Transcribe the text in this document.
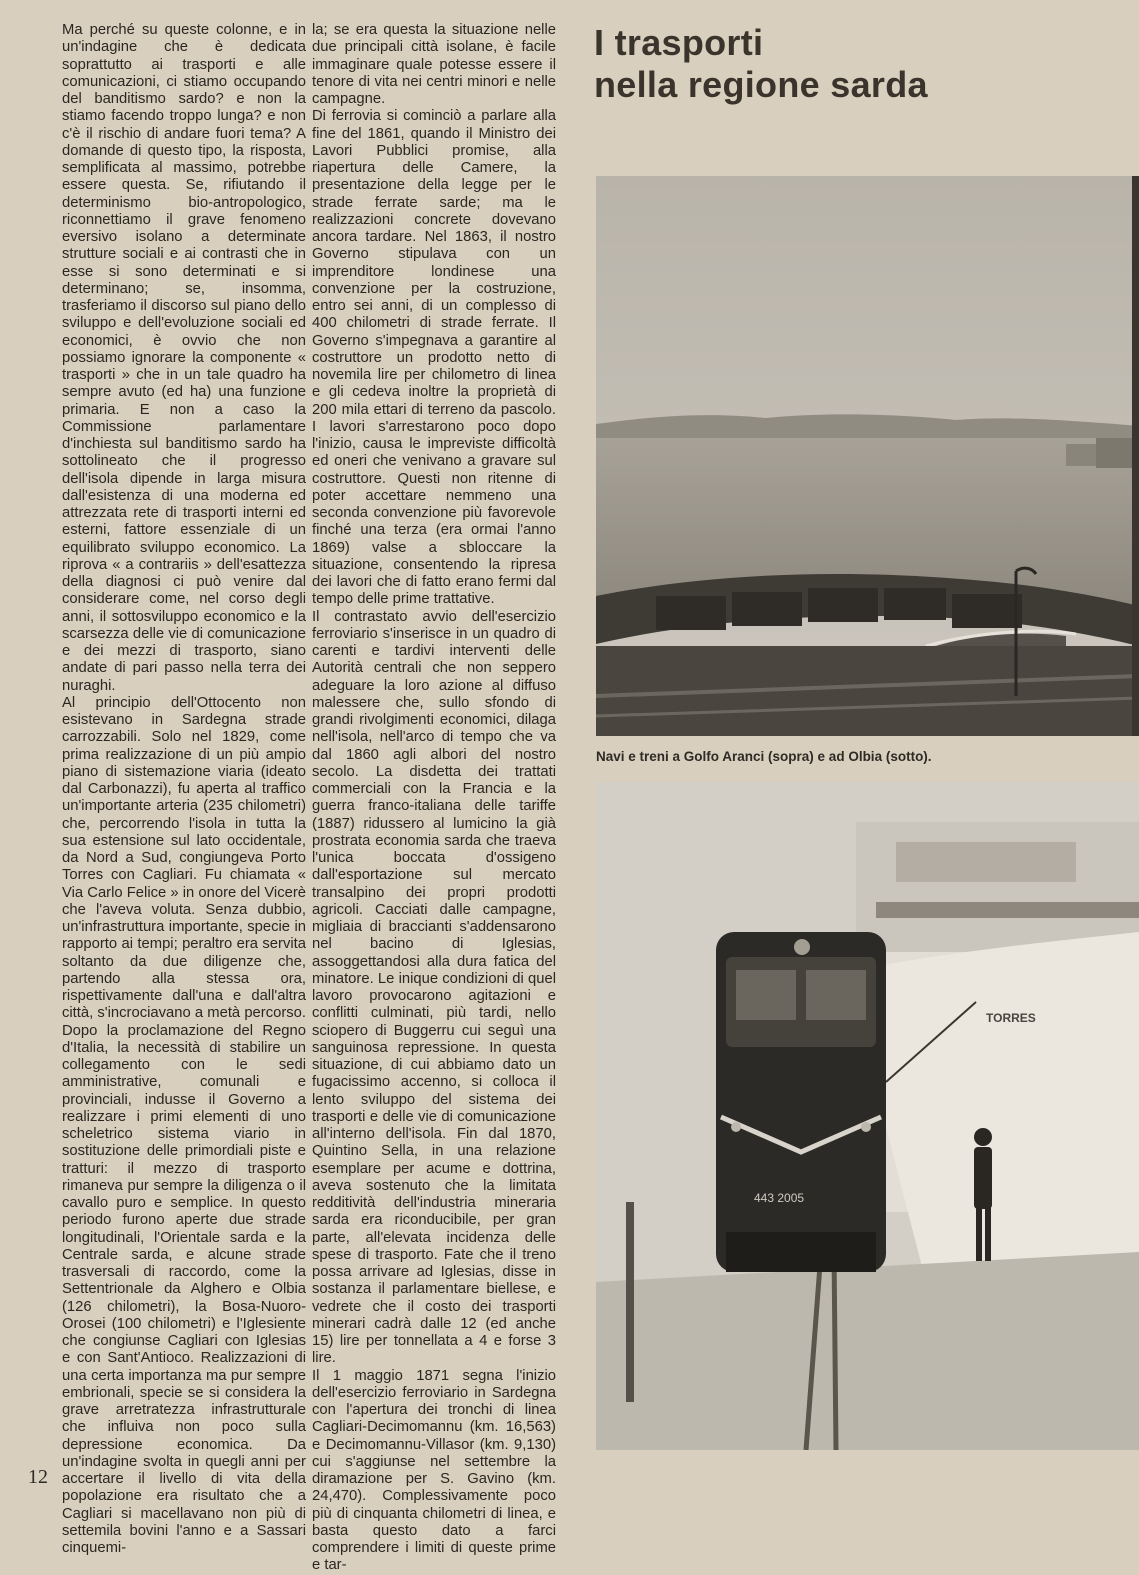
Ma perché su queste colonne, e in un'indagine che è dedicata soprattutto ai trasporti e alle comunicazioni, ci stiamo occupando del banditismo sardo? e non la stiamo facendo troppo lunga? e non c'è il rischio di andare fuori tema? A domande di questo tipo, la risposta, semplificata al massimo, potrebbe essere questa. Se, rifiutando il determinismo bio-antropologico, riconnettiamo il grave fenomeno eversivo isolano a determinate strutture sociali e ai contrasti che in esse si sono determinati e si determinano; se, insomma, trasferiamo il discorso sul piano dello sviluppo e dell'evoluzione sociali ed economici, è ovvio che non possiamo ignorare la componente « trasporti » che in un tale quadro ha sempre avuto (ed ha) una funzione primaria. E non a caso la Commissione parlamentare d'inchiesta sul banditismo sardo ha sottolineato che il progresso dell'isola dipende in larga misura dall'esistenza di una moderna ed attrezzata rete di trasporti interni ed esterni, fattore essenziale di un equilibrato sviluppo economico. La riprova « a contrariis » dell'esattezza della diagnosi ci può venire dal considerare come, nel corso degli anni, il sottosviluppo economico e la scarsezza delle vie di comunicazione e dei mezzi di trasporto, siano andate di pari passo nella terra dei nuraghi.

Al principio dell'Ottocento non esistevano in Sardegna strade carrozzabili. Solo nel 1829, come prima realizzazione di un più ampio piano di sistemazione viaria (ideato dal Carbonazzi), fu aperta al traffico un'importante arteria (235 chilometri) che, percorrendo l'isola in tutta la sua estensione sul lato occidentale, da Nord a Sud, congiungeva Porto Torres con Cagliari. Fu chiamata « Via Carlo Felice » in onore del Vicerè che l'aveva voluta. Senza dubbio, un'infrastruttura importante, specie in rapporto ai tempi; peraltro era servita soltanto da due diligenze che, partendo alla stessa ora, rispettivamente dall'una e dall'altra città, s'incrociavano a metà percorso. Dopo la proclamazione del Regno d'Italia, la necessità di stabilire un collegamento con le sedi amministrative, comunali e provinciali, indusse il Governo a realizzare i primi elementi di uno scheletrico sistema viario in sostituzione delle primordiali piste e tratturi: il mezzo di trasporto rimaneva pur sempre la diligenza o il cavallo puro e semplice. In questo periodo furono aperte due strade longitudinali, l'Orientale sarda e la Centrale sarda, e alcune strade trasversali di raccordo, come la Settentrionale da Alghero e Olbia (126 chilometri), la Bosa-Nuoro-Orosei (100 chilometri) e l'Iglesiente che congiunse Cagliari con Iglesias e con Sant'Antioco. Realizzazioni di una certa importanza ma pur sempre embrionali, specie se si considera la grave arretratezza infrastrutturale che influiva non poco sulla depressione economica. Da un'indagine svolta in quegli anni per accertare il livello di vita della popolazione era risultato che a Cagliari si macellavano non più di settemila bovini l'anno e a Sassari cinquemi-

la; se era questa la situazione nelle due principali città isolane, è facile immaginare quale potesse essere il tenore di vita nei centri minori e nelle campagne.

Di ferrovia si cominciò a parlare alla fine del 1861, quando il Ministro dei Lavori Pubblici promise, alla riapertura delle Camere, la presentazione della legge per le strade ferrate sarde; ma le realizzazioni concrete dovevano ancora tardare. Nel 1863, il nostro Governo stipulava con un imprenditore londinese una convenzione per la costruzione, entro sei anni, di un complesso di 400 chilometri di strade ferrate. Il Governo s'impegnava a garantire al costruttore un prodotto netto di novemila lire per chilometro di linea e gli cedeva inoltre la proprietà di 200 mila ettari di terreno da pascolo. I lavori s'arrestarono poco dopo l'inizio, causa le impreviste difficoltà ed oneri che venivano a gravare sul costruttore. Questi non ritenne di poter accettare nemmeno una seconda convenzione più favorevole finché una terza (era ormai l'anno 1869) valse a sbloccare la situazione, consentendo la ripresa dei lavori che di fatto erano fermi dal tempo delle prime trattative.

Il contrastato avvio dell'esercizio ferroviario s'inserisce in un quadro di carenti e tardivi interventi delle Autorità centrali che non seppero adeguare la loro azione al diffuso malessere che, sullo sfondo di grandi rivolgimenti economici, dilaga nell'isola, nell'arco di tempo che va dal 1860 agli albori del nostro secolo. La disdetta dei trattati commerciali con la Francia e la guerra franco-italiana delle tariffe (1887) ridussero al lumicino la già prostrata economia sarda che traeva l'unica boccata d'ossigeno dall'esportazione sul mercato transalpino dei propri prodotti agricoli. Cacciati dalle campagne, migliaia di braccianti s'addensarono nel bacino di Iglesias, assoggettandosi alla dura fatica del minatore. Le inique condizioni di quel lavoro provocarono agitazioni e conflitti culminati, più tardi, nello sciopero di Buggerru cui seguì una sanguinosa repressione. In questa situazione, di cui abbiamo dato un fugacissimo accenno, si colloca il lento sviluppo del sistema dei trasporti e delle vie di comunicazione all'interno dell'isola. Fin dal 1870, Quintino Sella, in una relazione esemplare per acume e dottrina, aveva sostenuto che la limitata redditività dell'industria mineraria sarda era riconducibile, per gran parte, all'elevata incidenza delle spese di trasporto. Fate che il treno possa arrivare ad Iglesias, disse in sostanza il parlamentare biellese, e vedrete che il costo dei trasporti minerari cadrà dalle 12 (ed anche 15) lire per tonnellata a 4 e forse 3 lire.

Il 1 maggio 1871 segna l'inizio dell'esercizio ferroviario in Sardegna con l'apertura dei tronchi di linea Cagliari-Decimomannu (km. 16,563) e Decimomannu-Villasor (km. 9,130) cui s'aggiunse nel settembre la diramazione per S. Gavino (km. 24,470). Complessivamente poco più di cinquanta chilometri di linea, e basta questo dato a farci comprendere i limiti di queste prime e tar-

I trasporti
nella regione sarda
Navi e treni a Golfo Aranci (sopra) e ad Olbia (sotto).
TORRES
443 2005
12
